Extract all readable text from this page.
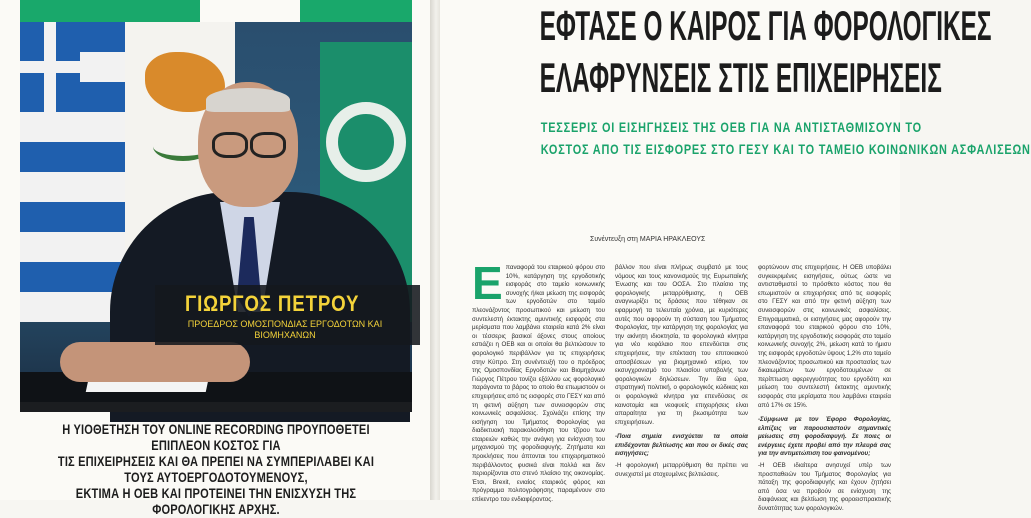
ΓΙΩΡΓΟΣ ΠΕΤΡΟΥ
ΠΡΟΕΔΡΟΣ ΟΜΟΣΠΟΝΔΙΑΣ ΕΡΓΟΔΟΤΩΝ ΚΑΙ ΒΙΟΜΗΧΑΝΩΝ
Η ΥΙΟΘΕΤΗΣΗ ΤΟΥ ONLINE RECORDING ΠΡΟΥΠΟΘΕΤΕΙ ΕΠΙΠΛΕΟΝ ΚΟΣΤΟΣ ΓΙΑ
ΤΙΣ ΕΠΙΧΕΙΡΗΣΕΙΣ ΚΑΙ ΘΑ ΠΡΕΠΕΙ ΝΑ ΣΥΜΠΕΡΙΛΑΒΕΙ ΚΑΙ ΤΟΥΣ ΑΥΤΟΕΡΓΟΔΟΤΟΥΜΕΝΟΥΣ,
ΕΚΤΙΜΑ Η ΟΕΒ ΚΑΙ ΠΡΟΤΕΙΝΕΙ ΤΗΝ ΕΝΙΣΧΥΣΗ ΤΗΣ ΦΟΡΟΛΟΓΙΚΗΣ ΑΡΧΗΣ.
ΕΦΤΑΣΕ Ο ΚΑΙΡΟΣ ΓΙΑ ΦΟΡΟΛΟΓΙΚΕΣ
ΕΛΑΦΡΥΝΣΕΙΣ ΣΤΙΣ ΕΠΙΧΕΙΡΗΣΕΙΣ
ΤΕΣΣΕΡΙΣ ΟΙ ΕΙΣΗΓΗΣΕΙΣ ΤΗΣ ΟΕΒ ΓΙΑ ΝΑ ΑΝΤΙΣΤΑΘΜΙΣΟΥΝ ΤΟ
ΚΟΣΤΟΣ ΑΠΟ ΤΙΣ ΕΙΣΦΟΡΕΣ ΣΤΟ ΓΕΣΥ ΚΑΙ ΤΟ ΤΑΜΕΙΟ ΚΟΙΝΩΝΙΚΩΝ ΑΣΦΑΛΙΣΕΩΝ
Συνέντευξη στη ΜΑΡΙΑ ΗΡΑΚΛΕΟΥΣ
Ε παναφορά του εταιρικού φόρου στο 10%, κατάργηση της εργοδοτικής εισφοράς στο ταμείο κοινωνικής συνοχής ή/και μείωση της εισφοράς των εργοδοτών στο ταμείο πλεονάζοντος προσωπικού και μείωση του συντελεστή έκτακτης αμυντικής εισφοράς στα μερίσματα που λαμβάνει εταιρεία κατά 2% είναι οι τέσσερις βασικοί άξονες στους οποίους εστιάζει η ΟΕΒ και οι οποίοι θα βελτιώσουν το φορολογικό περιβάλλον για τις επιχειρήσεις στην Κύπρο. Στη συνέντευξή του ο πρόεδρος της Ομοσπονδίας Εργοδοτών και Βιομηχάνων Γιώργος Πέτρου τονίζει εξάλλου ως φορολογικό παράγοντα το βάρος το οποίο θα επωμιστούν οι επιχειρήσεις από τις εισφορές στο ΓΕΣΥ και από τη φετινή αύξηση των συνεισφορών στις κοινωνικές ασφαλίσεις. Σχολιάζει επίσης την εισήγηση του Τμήματος Φορολογίας για διαδικτυακή παρακολούθηση του τζίρου των εταιρειών καθώς την ανάγκη για ενίσχυση του μηχανισμού της φοροδιαφυγής. Ζητήματα και προκλήσεις που άπτονται του επιχειρηματικού περιβάλλοντος φυσικά είναι πολλά και δεν περιορίζονται στο στενό πλαίσιο της οικονομίας. Έτσι, Brexit, ενιαίος εταιρικός φόρος και πρόγραμμα πολιτογράφησης παραμένουν στο επίκεντρο του ενδιαφέροντος.
βάλλον που είναι πλήρως συμβατό με τους νόμους και τους κανονισμούς της Ευρωπαϊκής Ένωσης και του ΟΟΣΑ. Στο πλαίσιο της φορολογικής μεταρρύθμισης, η ΟΕΒ αναγνωρίζει τις δράσεις που τέθηκαν σε εφαρμογή τα τελευταία χρόνια, με κυριότερες αυτές που αφορούν τη σύσταση του Τμήματος Φορολογίας, την κατάργηση της φορολογίας για την ακίνητη ιδιοκτησία, τα φορολογικά κίνητρα για νέο κεφάλαιο που επενδύεται στις επιχειρήσεις, την επέκταση του επιτοκιακού αποσβέσεων για βιομηχανικό κτίριο, τον εκσυγχρονισμό του πλαισίου υποβολής των φορολογικών δηλώσεων. Την ίδια ώρα, στρατηγική πολιτική, ο φορολογικός κώδικας και οι φορολογικά κίνητρα για επενδύσεις σε καινοτομία και νεοφυείς επιχειρήσεις είναι απαραίτητα για τη βιωσιμότητα των επιχειρήσεων.
-Ποια σημεία ενισχύεται τα οποία επιδέχονται βελτίωσης και που οι δικές σας εισηγήσεις;
-Η φορολογική μεταρρύθμιση θα πρέπει να συνεχιστεί με στοχευμένες βελτιώσεις.
φορτώνουν στις επιχειρήσεις. Η ΟΕΒ υποβάλει συγκεκριμένες εισηγήσεις, ούτως ώστε να αντισταθμιστεί το πρόσθετο κόστος που θα επωμιστούν οι επιχειρήσεις από τις εισφορές στο ΓΕΣΥ και από την φετινή αύξηση των συνεισφορών στις κοινωνικές ασφαλίσεις. Επιγραμματικά, οι εισηγήσεις μας αφορούν την επαναφορά του εταιρικού φόρου στο 10%, κατάργηση της εργοδοτικής εισφοράς στο ταμείο κοινωνικής συνοχής 2%, μείωση κατά το ήμισυ της εισφοράς εργοδοτών ύψους 1,2% στο ταμείο πλεονάζοντος προσωπικού και προστασίας των δικαιωμάτων των εργοδοτουμένων σε περίπτωση αφερεγγυότητας του εργοδότη και μείωση του συντελεστή έκτακτης αμυντικής εισφοράς στα μερίσματα που λαμβάνει εταιρεία από 17% σε 15%.
-Σύμφωνα με τον Έφορο Φορολογίας, ελπίζεις να παρουσιαστούν σημαντικές μείωσεις στη φοροδιαφυγή. Σε ποιες οι ενέργειες έχετε προβεί από την πλευρά σας για την αντιμετώπιση του φαινομένου;
-Η ΟΕΒ ιδιαίτερα ανησυχεί υπέρ των προσπαθειών του Τμήματος Φορολογίας για πάταξη της φοροδιαφυγής και έχουν ζητήσει από όσα να προβούν σε ενίσχυση της διαφάνειας και βελτίωση της φοροεισπρακτικής δυνατότητας των φορολογικών.
